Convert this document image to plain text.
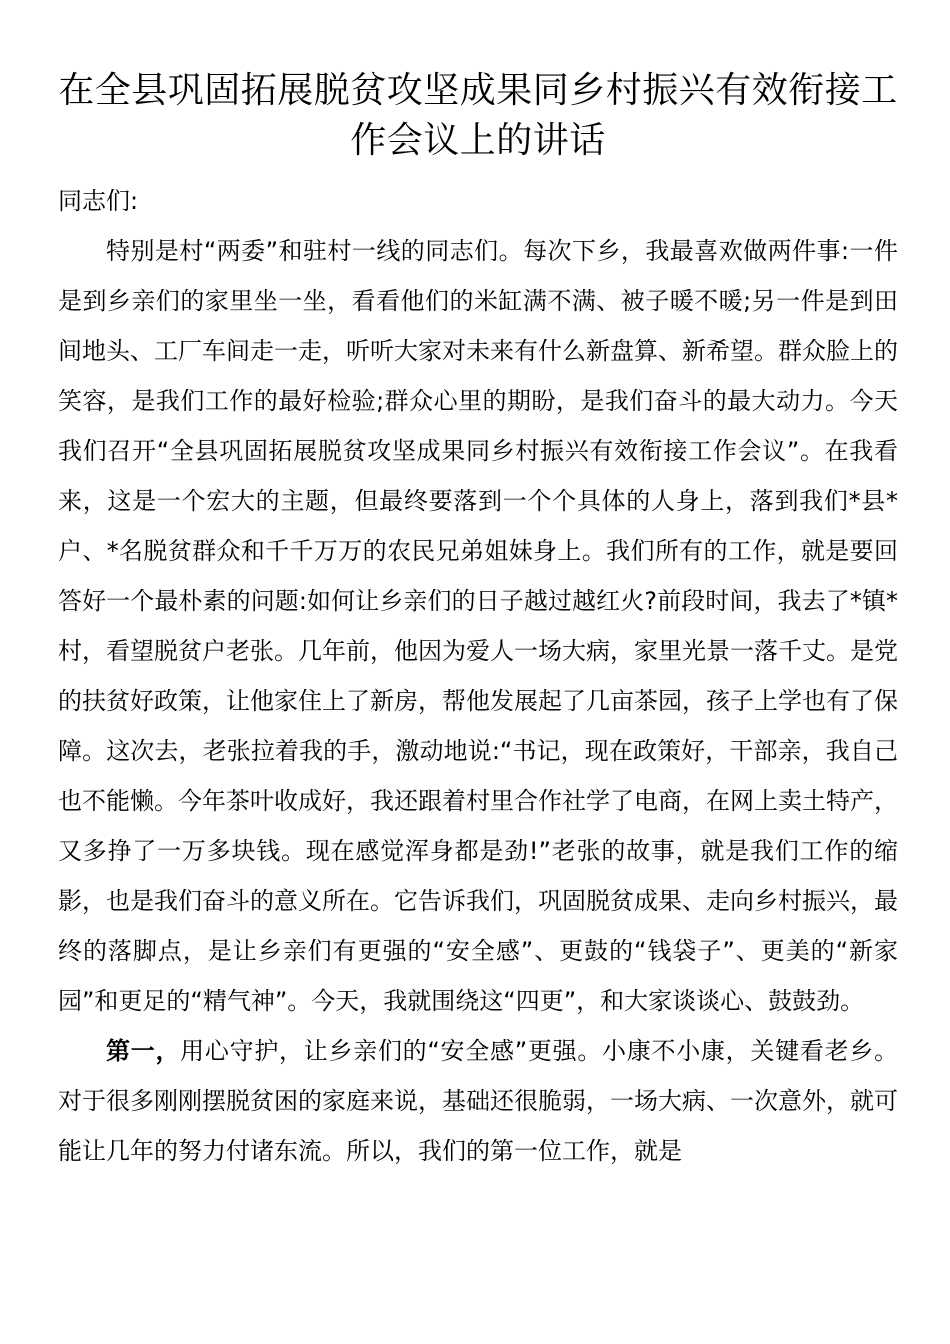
在全县巩固拓展脱贫攻坚成果同乡村振兴有效衔接工作会议上的讲话

同志们:

特别是村“两委”和驻村一线的同志们。每次下乡，我最喜欢做两件事:一件是到乡亲们的家里坐一坐，看看他们的米缸满不满、被子暖不暖;另一件是到田间地头、工厂车间走一走，听听大家对未来有什么新盘算、新希望。群众脸上的笑容，是我们工作的最好检验;群众心里的期盼，是我们奋斗的最大动力。今天我们召开“全县巩固拓展脱贫攻坚成果同乡村振兴有效衔接工作会议”。在我看来，这是一个宏大的主题，但最终要落到一个个具体的人身上，落到我们*县*户、*名脱贫群众和千千万万的农民兄弟姐妹身上。我们所有的工作，就是要回答好一个最朴素的问题:如何让乡亲们的日子越过越红火?前段时间，我去了*镇*村，看望脱贫户老张。几年前，他因为爱人一场大病，家里光景一落千丈。是党的扶贫好政策，让他家住上了新房，帮他发展起了几亩茶园，孩子上学也有了保障。这次去，老张拉着我的手，激动地说:“书记，现在政策好，干部亲，我自己也不能懒。今年茶叶收成好，我还跟着村里合作社学了电商，在网上卖土特产，又多挣了一万多块钱。现在感觉浑身都是劲!”老张的故事，就是我们工作的缩影，也是我们奋斗的意义所在。它告诉我们，巩固脱贫成果、走向乡村振兴，最终的落脚点，是让乡亲们有更强的“安全感”、更鼓的“钱袋子”、更美的“新家园”和更足的“精气神”。今天，我就围绕这“四更”，和大家谈谈心、鼓鼓劲。

第一，用心守护，让乡亲们的“安全感”更强。小康不小康，关键看老乡。对于很多刚刚摆脱贫困的家庭来说，基础还很脆弱，一场大病、一次意外，就可能让几年的努力付诸东流。所以，我们的第一位工作，就是
